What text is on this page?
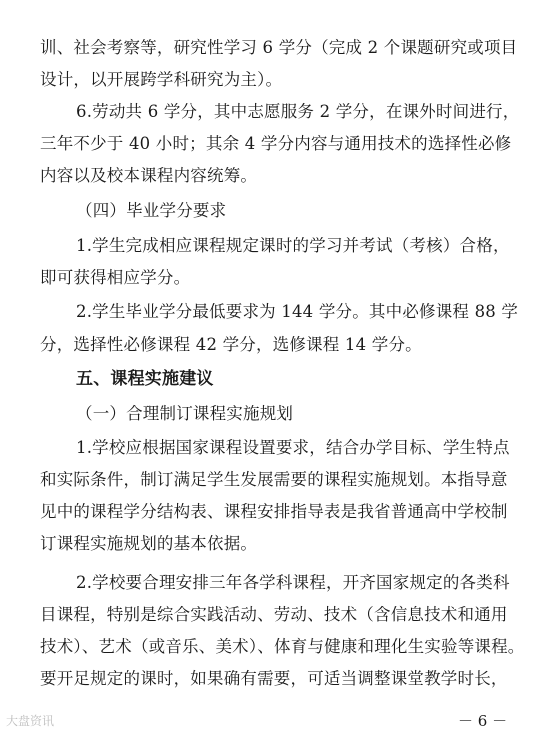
训、社会考察等，研究性学习 6 学分（完成 2 个课题研究或项目
设计，以开展跨学科研究为主）。
6.劳动共 6 学分，其中志愿服务 2 学分，在课外时间进行，
三年不少于 40 小时；其余 4 学分内容与通用技术的选择性必修
内容以及校本课程内容统筹。
（四）毕业学分要求
1.学生完成相应课程规定课时的学习并考试（考核）合格，
即可获得相应学分。
2.学生毕业学分最低要求为 144 学分。其中必修课程 88 学
分，选择性必修课程 42 学分，选修课程 14 学分。
五、课程实施建议
（一）合理制订课程实施规划
1.学校应根据国家课程设置要求，结合办学目标、学生特点
和实际条件，制订满足学生发展需要的课程实施规划。本指导意
见中的课程学分结构表、课程安排指导表是我省普通高中学校制
订课程实施规划的基本依据。
2.学校要合理安排三年各学科课程，开齐国家规定的各类科
目课程，特别是综合实践活动、劳动、技术（含信息技术和通用
技术）、艺术（或音乐、美术）、体育与健康和理化生实验等课程。
要开足规定的课时，如果确有需要，可适当调整课堂教学时长，
大盘资讯	－ 6 －
